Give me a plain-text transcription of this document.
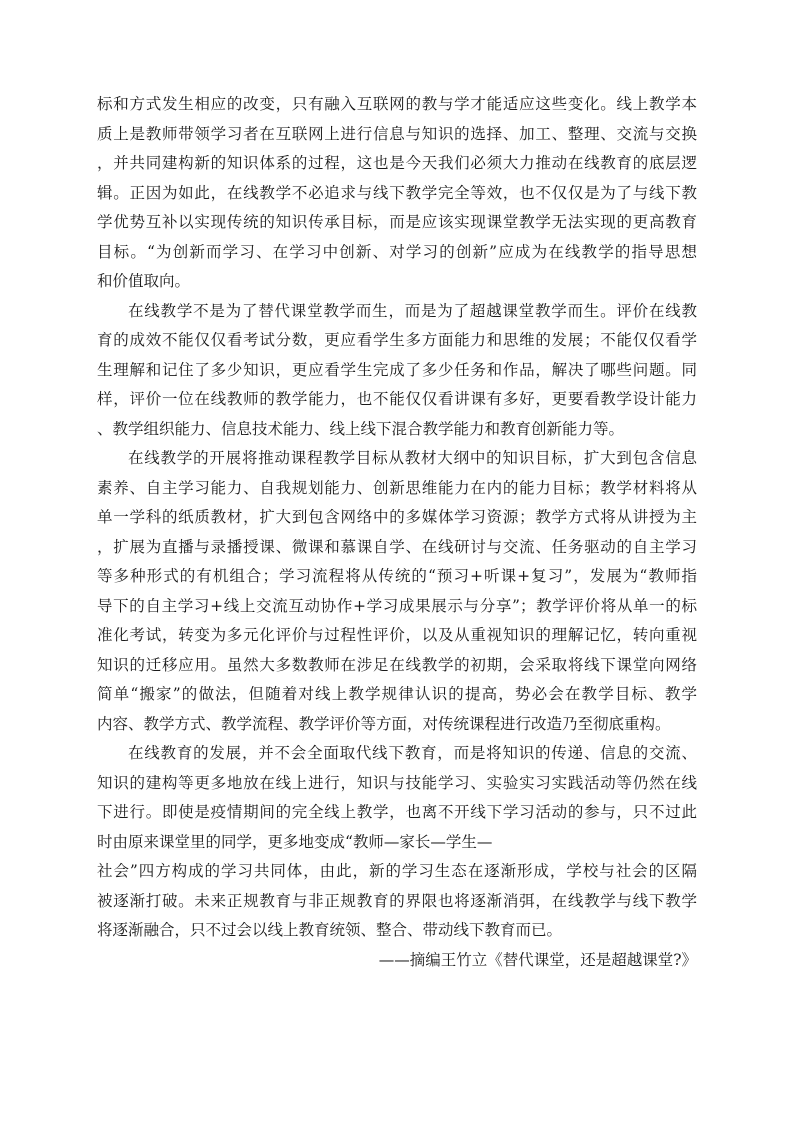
标和方式发生相应的改变，只有融入互联网的教与学才能适应这些变化。线上教学本
质上是教师带领学习者在互联网上进行信息与知识的选择、加工、整理、交流与交换
，并共同建构新的知识体系的过程，这也是今天我们必须大力推动在线教育的底层逻
辑。正因为如此，在线教学不必追求与线下教学完全等效，也不仅仅是为了与线下教
学优势互补以实现传统的知识传承目标，而是应该实现课堂教学无法实现的更高教育
目标。“为创新而学习、在学习中创新、对学习的创新”应成为在线教学的指导思想
和价值取向。
在线教学不是为了替代课堂教学而生，而是为了超越课堂教学而生。评价在线教
育的成效不能仅仅看考试分数，更应看学生多方面能力和思维的发展；不能仅仅看学
生理解和记住了多少知识，更应看学生完成了多少任务和作品，解决了哪些问题。同
样，评价一位在线教师的教学能力，也不能仅仅看讲课有多好，更要看教学设计能力
、教学组织能力、信息技术能力、线上线下混合教学能力和教育创新能力等。
在线教学的开展将推动课程教学目标从教材大纲中的知识目标，扩大到包含信息
素养、自主学习能力、自我规划能力、创新思维能力在内的能力目标；教学材料将从
单一学科的纸质教材，扩大到包含网络中的多媒体学习资源；教学方式将从讲授为主
，扩展为直播与录播授课、微课和慕课自学、在线研讨与交流、任务驱动的自主学习
等多种形式的有机组合；学习流程将从传统的“预习+听课+复习”，发展为“教师指
导下的自主学习+线上交流互动协作+学习成果展示与分享”；教学评价将从单一的标
准化考试，转变为多元化评价与过程性评价，以及从重视知识的理解记忆，转向重视
知识的迁移应用。虽然大多数教师在涉足在线教学的初期，会采取将线下课堂向网络
简单“搬家”的做法，但随着对线上教学规律认识的提高，势必会在教学目标、教学
内容、教学方式、教学流程、教学评价等方面，对传统课程进行改造乃至彻底重构。
在线教育的发展，并不会全面取代线下教育，而是将知识的传递、信息的交流、
知识的建构等更多地放在线上进行，知识与技能学习、实验实习实践活动等仍然在线
下进行。即使是疫情期间的完全线上教学，也离不开线下学习活动的参与，只不过此
时由原来课堂里的同学，更多地变成“教师—家长—学生—
社会”四方构成的学习共同体，由此，新的学习生态在逐渐形成，学校与社会的区隔
被逐渐打破。未来正规教育与非正规教育的界限也将逐渐消弭，在线教学与线下教学
将逐渐融合，只不过会以线上教育统领、整合、带动线下教育而已。
——摘编王竹立《替代课堂，还是超越课堂?》
